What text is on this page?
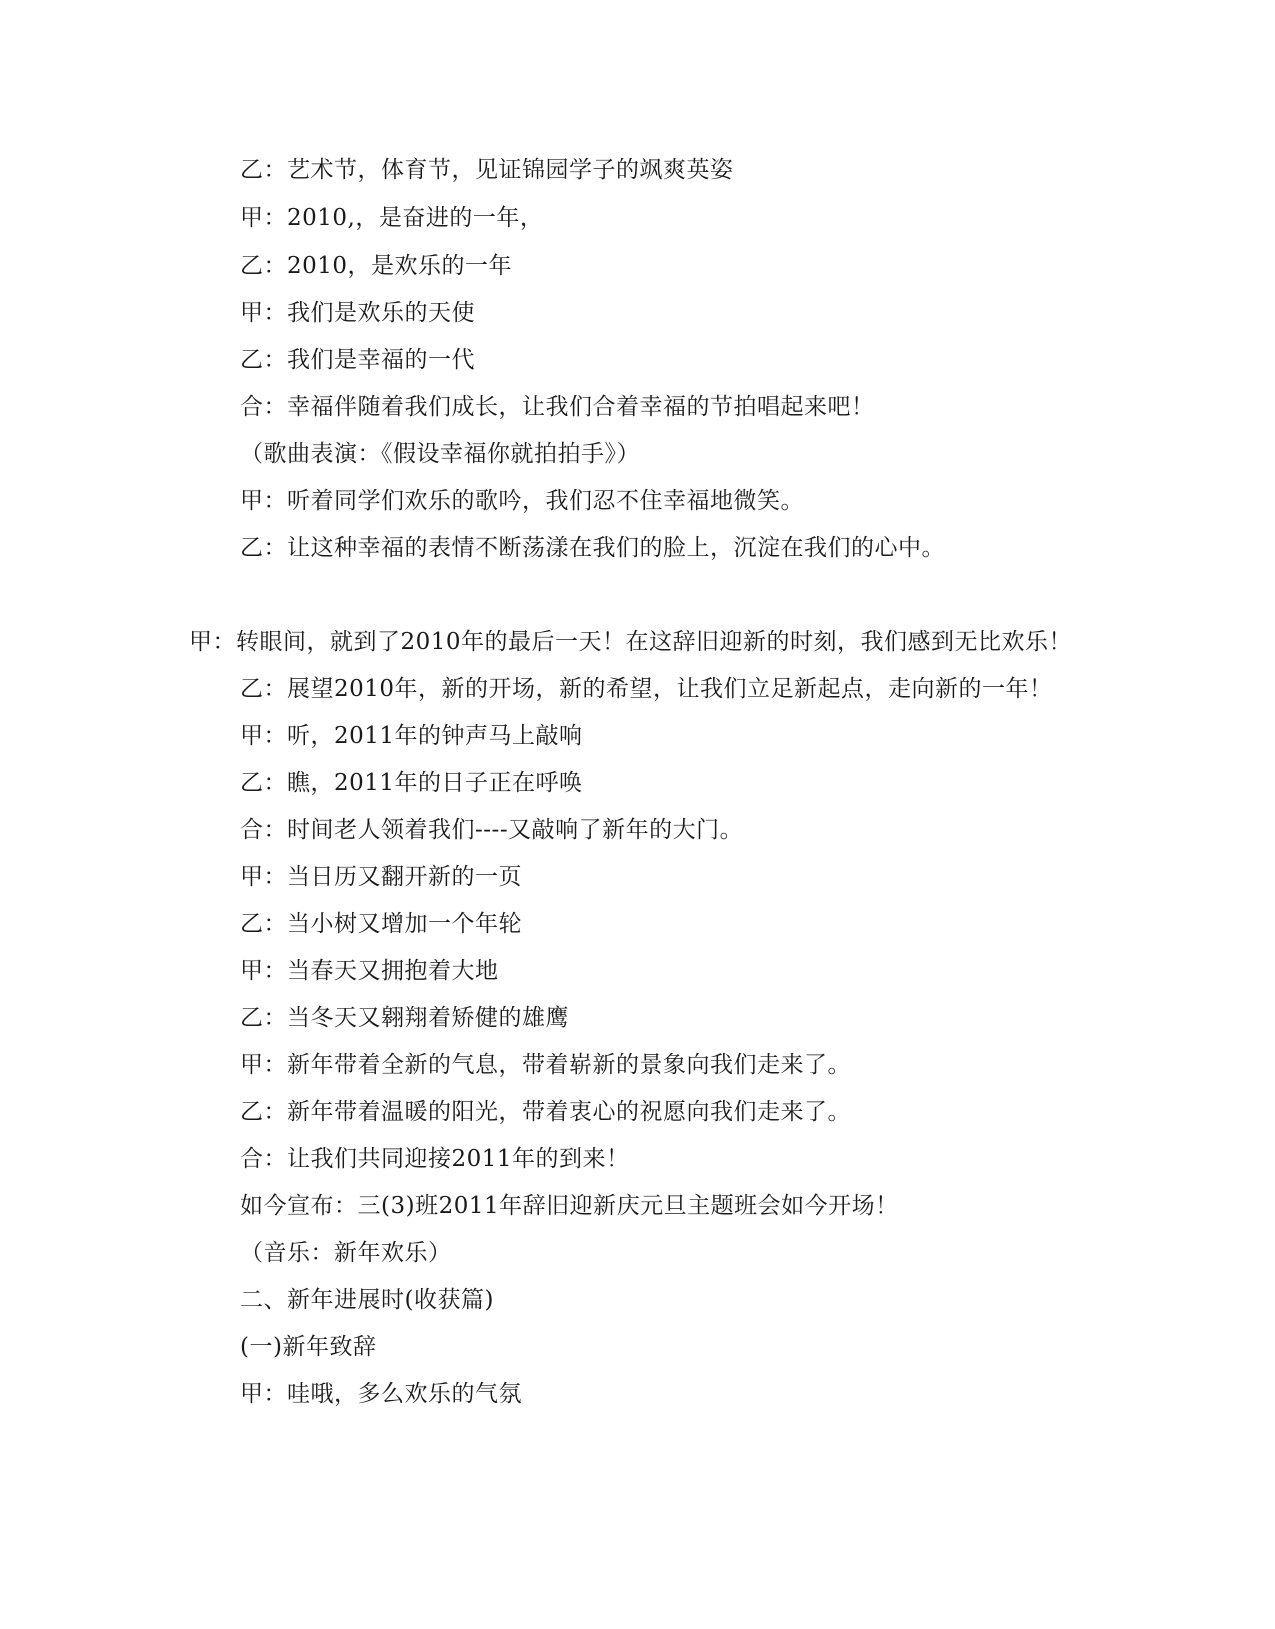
乙：艺术节，体育节，见证锦园学子的飒爽英姿
甲：2010,，是奋进的一年，
乙：2010，是欢乐的一年
甲：我们是欢乐的天使
乙：我们是幸福的一代
合：幸福伴随着我们成长，让我们合着幸福的节拍唱起来吧！
（歌曲表演：《假设幸福你就拍拍手》）
甲：听着同学们欢乐的歌吟，我们忍不住幸福地微笑。
乙：让这种幸福的表情不断荡漾在我们的脸上，沉淀在我们的心中。
甲：转眼间，就到了2010年的最后一天！在这辞旧迎新的时刻，我们感到无比欢乐！
乙：展望2010年，新的开场，新的希望，让我们立足新起点，走向新的一年！
甲：听，2011年的钟声马上敲响
乙：瞧，2011年的日子正在呼唤
合：时间老人领着我们----又敲响了新年的大门。
甲：当日历又翻开新的一页
乙：当小树又增加一个年轮
甲：当春天又拥抱着大地
乙：当冬天又翱翔着矫健的雄鹰
甲：新年带着全新的气息，带着崭新的景象向我们走来了。
乙：新年带着温暖的阳光，带着衷心的祝愿向我们走来了。
合：让我们共同迎接2011年的到来！
如今宣布：三(3)班2011年辞旧迎新庆元旦主题班会如今开场！
（音乐：新年欢乐）
二、新年进展时(收获篇)
(一)新年致辞
甲：哇哦，多么欢乐的气氛
